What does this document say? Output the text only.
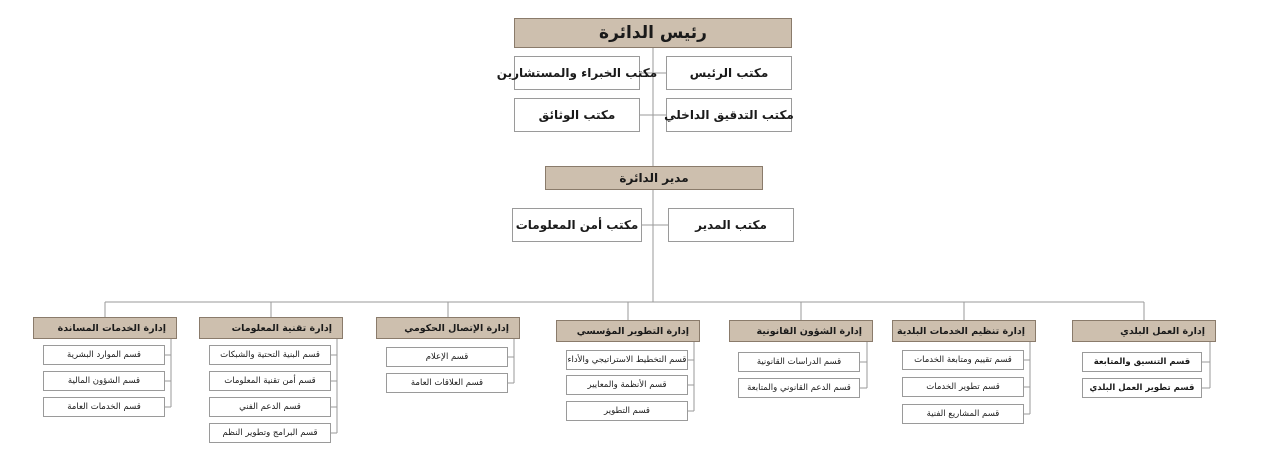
رئيس الدائرة
مكتب الرئيس
مكتب الخبراء والمستشارين
مكتب التدقيق الداخلي
مكتب الوثائق
مدير الدائرة
مكتب المدير
مكتب أمن المعلومات
إدارة العمل البلدي
إدارة تنظيم الخدمات البلدية
إدارة الشؤون القانونية
إدارة التطوير المؤسسي
إدارة الإتصال الحكومي
إدارة تقنية المعلومات
إدارة الخدمات المساندة
قسم التنسيق والمتابعة
قسم تطوير العمل البلدي
قسم تقييم ومتابعة الخدمات
قسم تطوير الخدمات
قسم المشاريع الفنية
قسم الدراسات القانونية
قسم الدعم القانوني والمتابعة
قسم التخطيط الاستراتيجي والأداء
قسم الأنظمة والمعايير
قسم التطوير
قسم الإعلام
قسم العلاقات العامة
قسم البنية التحتية والشبكات
قسم أمن تقنية المعلومات
قسم الدعم الفني
قسم البرامج وتطوير النظم
قسم الموارد البشرية
قسم الشؤون المالية
قسم الخدمات العامة
